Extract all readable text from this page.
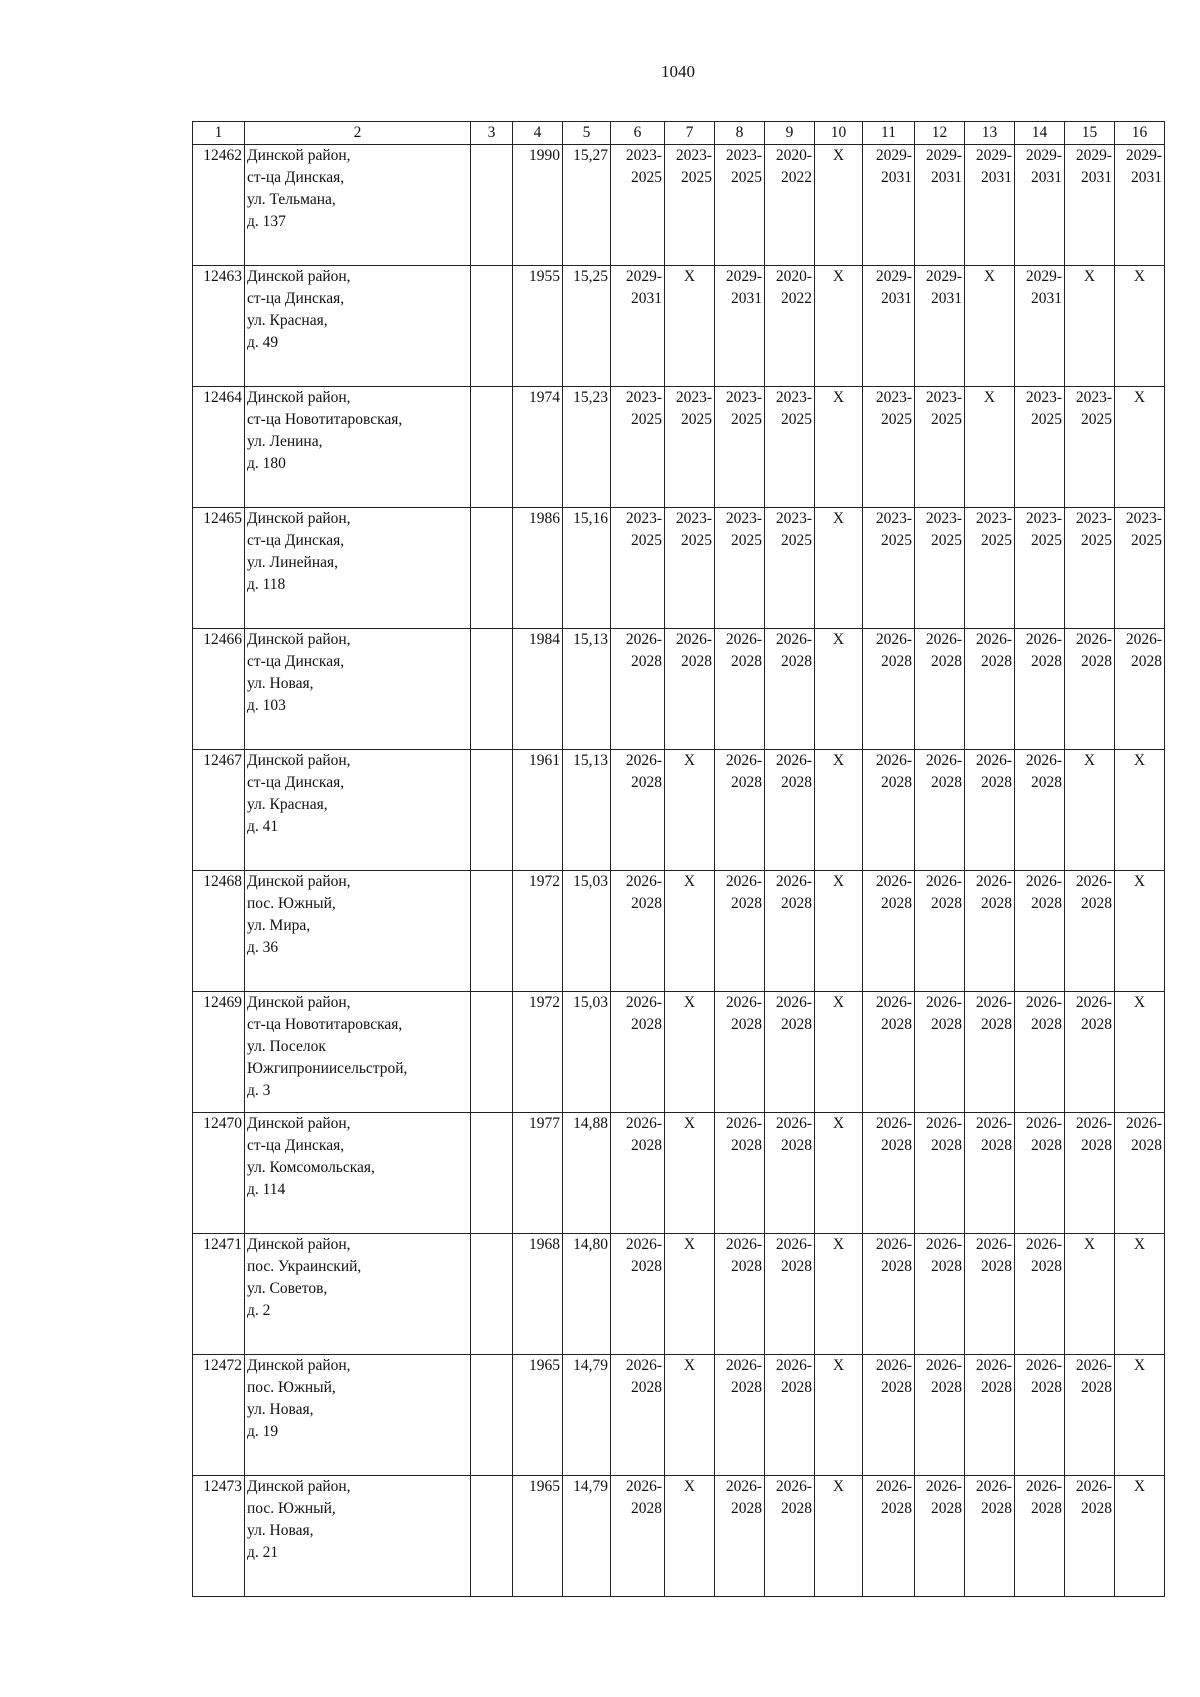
1040
1	2	3	4	5	6	7	8	9	10	11	12	13	14	15	16
12462	Динской район,
ст-ца Динская,
ул. Тельмана,
д. 137		1990	15,27	2023-
2025	2023-
2025	2023-
2025	2020-
2022	X	2029-
2031	2029-
2031	2029-
2031	2029-
2031	2029-
2031	2029-
2031

12463	Динской район,
ст-ца Динская,
ул. Красная,
д. 49		1955	15,25	2029-
2031	X	2029-
2031	2020-
2022	X	2029-
2031	2029-
2031	X	2029-
2031	X	X

12464	Динской район,
ст-ца Новотитаровская,
ул. Ленина,
д. 180		1974	15,23	2023-
2025	2023-
2025	2023-
2025	2023-
2025	X	2023-
2025	2023-
2025	X	2023-
2025	2023-
2025	X

12465	Динской район,
ст-ца Динская,
ул. Линейная,
д. 118		1986	15,16	2023-
2025	2023-
2025	2023-
2025	2023-
2025	X	2023-
2025	2023-
2025	2023-
2025	2023-
2025	2023-
2025	2023-
2025

12466	Динской район,
ст-ца Динская,
ул. Новая,
д. 103		1984	15,13	2026-
2028	2026-
2028	2026-
2028	2026-
2028	X	2026-
2028	2026-
2028	2026-
2028	2026-
2028	2026-
2028	2026-
2028

12467	Динской район,
ст-ца Динская,
ул. Красная,
д. 41		1961	15,13	2026-
2028	X	2026-
2028	2026-
2028	X	2026-
2028	2026-
2028	2026-
2028	2026-
2028	X	X

12468	Динской район,
пос. Южный,
ул. Мира,
д. 36		1972	15,03	2026-
2028	X	2026-
2028	2026-
2028	X	2026-
2028	2026-
2028	2026-
2028	2026-
2028	2026-
2028	X

12469	Динской район,
ст-ца Новотитаровская,
ул. Поселок
Южгипрониисельстрой,
д. 3		1972	15,03	2026-
2028	X	2026-
2028	2026-
2028	X	2026-
2028	2026-
2028	2026-
2028	2026-
2028	2026-
2028	X

12470	Динской район,
ст-ца Динская,
ул. Комсомольская,
д. 114		1977	14,88	2026-
2028	X	2026-
2028	2026-
2028	X	2026-
2028	2026-
2028	2026-
2028	2026-
2028	2026-
2028	2026-
2028

12471	Динской район,
пос. Украинский,
ул. Советов,
д. 2		1968	14,80	2026-
2028	X	2026-
2028	2026-
2028	X	2026-
2028	2026-
2028	2026-
2028	2026-
2028	X	X

12472	Динской район,
пос. Южный,
ул. Новая,
д. 19		1965	14,79	2026-
2028	X	2026-
2028	2026-
2028	X	2026-
2028	2026-
2028	2026-
2028	2026-
2028	2026-
2028	X

12473	Динской район,
пос. Южный,
ул. Новая,
д. 21		1965	14,79	2026-
2028	X	2026-
2028	2026-
2028	X	2026-
2028	2026-
2028	2026-
2028	2026-
2028	2026-
2028	X
